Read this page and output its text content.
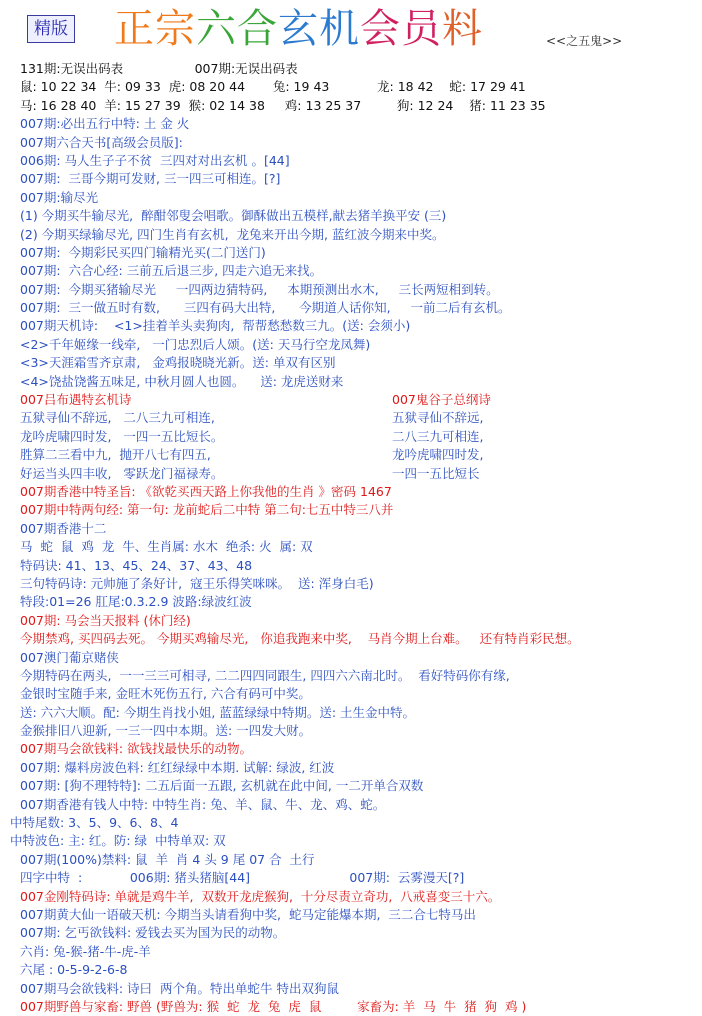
精版 正宗六合玄机会员料	<<之五鬼>>
131期:无误出码表                  007期:无误出码表
鼠: 10 22 34  牛: 09 33  虎: 08 20 44       兔: 19 43            龙: 18 42    蛇: 17 29 41
马: 16 28 40  羊: 15 27 39  猴: 02 14 38     鸡: 13 25 37         狗: 12 24    猪: 11 23 35
007期:必出五行中特: 土 金 火
007期六合天书[高级会员版]:
006期: 马人生子子不贫  三四对对出玄机 。[44]
007期:  三哥今期可发财, 三一四三可相连。[?]
007期:输尽光
(1) 今期买牛输尽光,  醉酣邻叟会唱歌。御酥做出五模样,献去猪羊换平安 (三)
(2) 今期买绿输尽光, 四门生肖有玄机,  龙兔来开出今期, 蓝红波今期来中奖。
007期:  今期彩民买四门输精光买(二门送门)
007期:  六合心经: 三前五后退三步, 四走六追无来找。
007期:  今期买猪输尽光     一四两边猜特码,     本期预测出水木,     三长两短相到转。
007期:  三一做五时有数,      三四有码大出特,      今期道人话你知,     一前二后有玄机。
007期天机诗:    <1>挂着羊头卖狗肉,  帮帮愁愁数三九。(送: 会须小)
<2>千年姬缘一线牵,   一门忠烈后人颂。(送: 天马行空龙凤舞)
<3>天涯霜雪齐京肃,   金鸡报晓晓光新。送: 单双有区别
<4>饶盐饶酱五味足, 中秋月圆人也圆。    送: 龙虎送财来
007吕布遇特玄机诗	007鬼谷子总纲诗
五狱寻仙不辞远,   二八三九可相连,	五狱寻仙不辞远,
龙吟虎啸四时发,   一四一五比短长。	二八三九可相连,
胜算二三看中九,  抛开八七有四五,	龙吟虎啸四时发,
好运当头四丰收,   零跃龙门福禄寿。	一四一五比短长
007期香港中特圣旨: 《欲乾买西天路上你我他的生肖 》密码 1467
007期中特两句经: 第一句: 龙前蛇后二中特 第二句:七五中特三八并
007期香港十二
马  蛇  鼠  鸡  龙  牛、生肖属: 水木  绝杀: 火  属: 双
特码诀: 41、13、45、24、37、43、48
三句特码诗: 元帅施了条好计,  寇王乐得笑咪咪。  送: 浑身白毛)
特段:01=26 肛尾:0.3.2.9 波路:绿波红波
007期: 马会当天报料 (休门经)
今期禁鸡, 买四码去死。 今期买鸡输尽光,   你追我跑来中奖,    马肖今期上台难。   还有特肖彩民想。
007澳门葡京赌侠
今期特码在两头,  一一三三可相寻, 二二四四同跟生, 四四六六南北时。  看好特码你有缘,
金银时宝随手来, 金旺木死伤五行, 六合有码可中奖。
送: 六六大顺。配: 今期生肖找小姐, 蓝蓝绿绿中特期。送: 土生金中特。
金猴排旧八迎新, 一三一四中本期。送: 一四发大财。
007期马会欲钱料: 欲钱找最快乐的动物。
007期: 爆料房波色料: 红红绿绿中本期. 试解: 绿波, 红波
007期: [狗不理特特]: 二五后面一五跟, 玄机就在此中间, 一二开单合双数
007期香港有钱人中特: 中特生肖: 兔、羊、鼠、牛、龙、鸡、蛇。
中特尾数: 3、5、9、6、8、4
中特波色: 主: 红。防: 绿  中特单双: 双
007期(100%)禁料: 鼠  羊  肖 4 头 9 尾 07 合  土行
四字中特  :            006期: 猪头猪脑[44]                         007期:  云雾漫天[?]
007金刚特码诗: 单就是鸡牛羊,  双数开龙虎猴狗,  十分尽责立奇功,  八戒喜变三十六。
007期黄大仙一语破天机: 今期当头请看狗中奖,  蛇马定能爆本期,  三二合七特马出
007期: 乞丐欲钱料: 爱钱去买为国为民的动物。
六肖: 兔-猴-猪-牛-虎-羊
六尾 : 0-5-9-2-6-8
007期马会欲钱料: 诗曰  两个角。特出单蛇牛 特出双狗鼠
007期野兽与家畜: 野兽 (野兽为: 猴  蛇  龙  兔  虎  鼠         家畜为: 羊  马  牛  猪  狗  鸡 )
